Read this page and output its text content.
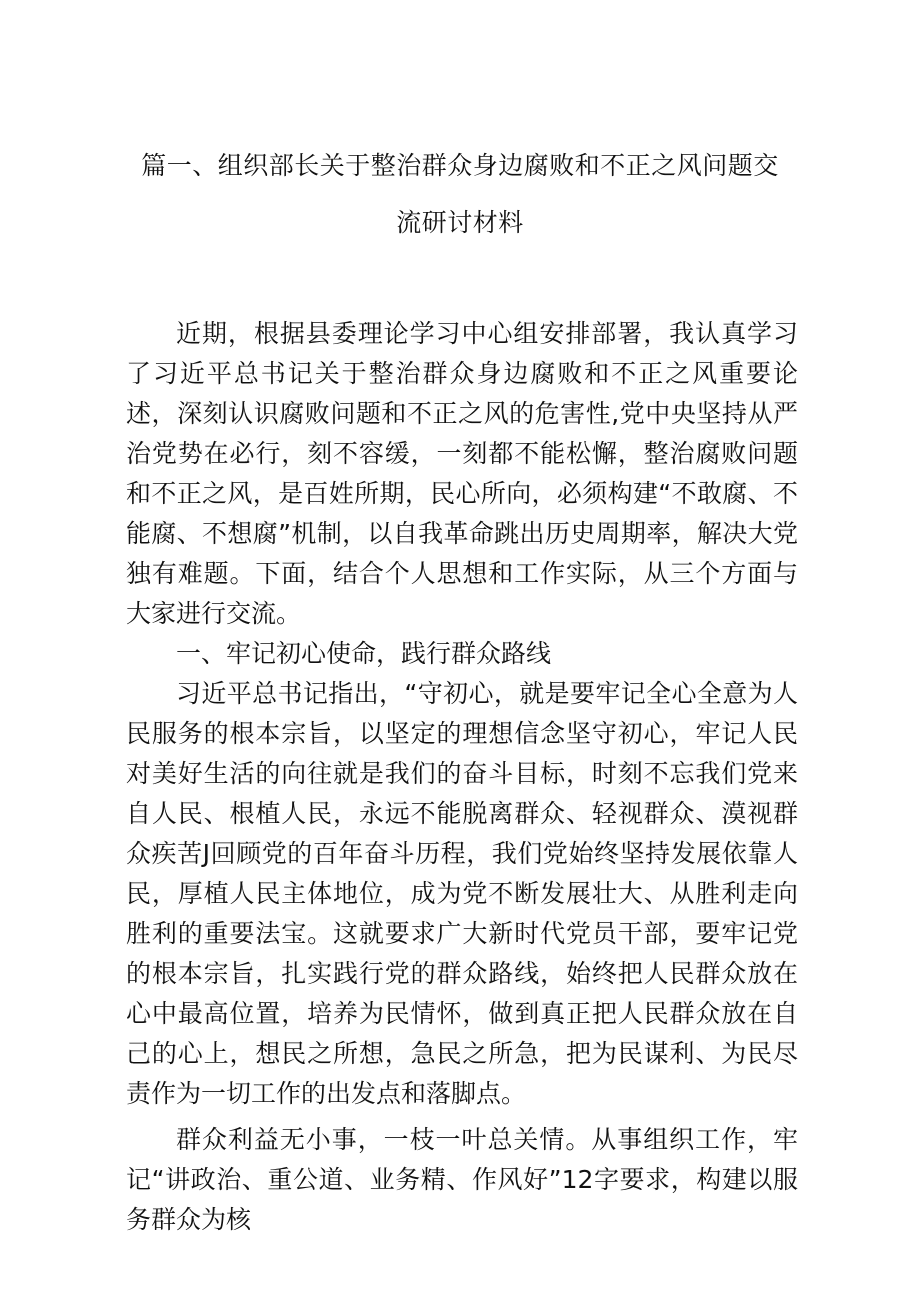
篇一、组织部长关于整治群众身边腐败和不正之风问题交
流研讨材料

近期，根据县委理论学习中心组安排部署，我认真学习了习近平总书记关于整治群众身边腐败和不正之风重要论述，深刻认识腐败问题和不正之风的危害性,党中央坚持从严治党势在必行，刻不容缓，一刻都不能松懈，整治腐败问题和不正之风，是百姓所期，民心所向，必须构建“不敢腐、不能腐、不想腐”机制，以自我革命跳出历史周期率，解决大党独有难题。下面，结合个人思想和工作实际，从三个方面与大家进行交流。

一、牢记初心使命，践行群众路线

习近平总书记指出，“守初心，就是要牢记全心全意为人民服务的根本宗旨，以坚定的理想信念坚守初心，牢记人民对美好生活的向往就是我们的奋斗目标，时刻不忘我们党来自人民、根植人民，永远不能脱离群众、轻视群众、漠视群众疾苦J回顾党的百年奋斗历程，我们党始终坚持发展依靠人民，厚植人民主体地位，成为党不断发展壮大、从胜利走向胜利的重要法宝。这就要求广大新时代党员干部，要牢记党的根本宗旨，扎实践行党的群众路线，始终把人民群众放在心中最高位置，培养为民情怀，做到真正把人民群众放在自己的心上，想民之所想，急民之所急，把为民谋利、为民尽责作为一切工作的出发点和落脚点。

群众利益无小事，一枝一叶总关情。从事组织工作，牢记“讲政治、重公道、业务精、作风好”12字要求，构建以服务群众为核
